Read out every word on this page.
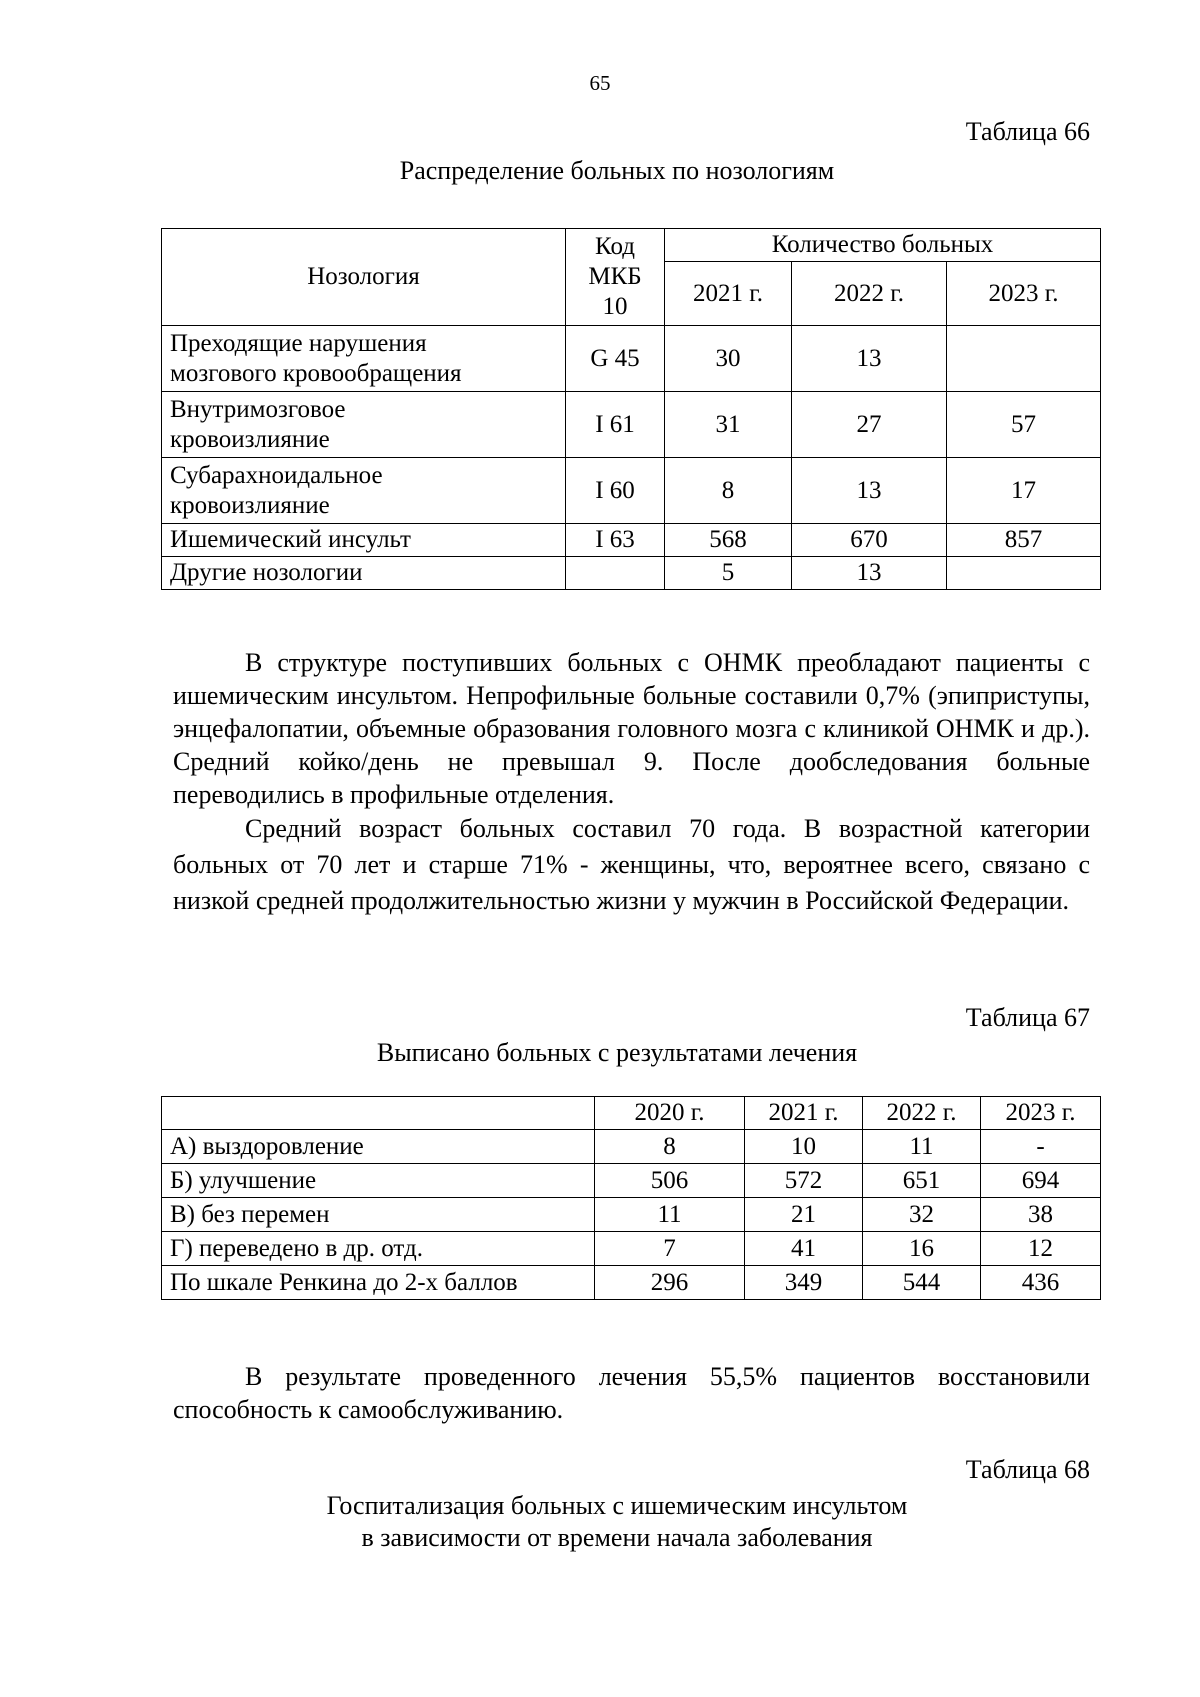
65
Таблица 66
Распределение больных по нозологиям
Нозология	Код
МКБ
10	Количество больных		
		2021 г.	2022 г.	2023 г.

Преходящие нарушения
мозгового кровообращения	G 45	30	13	

Внутримозговое
кровоизлияние	I 61	31	27	57

Субарахноидальное
кровоизлияние	I 60	8	13	17
Ишемический инсульт	I 63	568	670	857
Другие нозологии		5	13	

В структуре поступивших больных с ОНМК преобладают пациенты с ишемическим инсультом. Непрофильные больные составили 0,7% (эпиприступы, энцефалопатии, объемные образования головного мозга с клиникой ОНМК и др.). Средний койко/день не превышал 9. После дообследования больные переводились в профильные отделения.

Средний возраст больных составил 70 года. В возрастной категории больных от 70 лет и старше 71% - женщины, что, вероятнее всего, связано с низкой средней продолжительностью жизни у мужчин в Российской Федерации.

Таблица 67
Выписано больных с результатами лечения
	2020 г.	2021 г.	2022 г.	2023 г.
А) выздоровление	8	10	11	-
Б) улучшение	506	572	651	694
В) без перемен	11	21	32	38
Г) переведено в др. отд.	7	41	16	12
По шкале Ренкина до 2-х баллов	296	349	544	436

В результате проведенного лечения 55,5% пациентов восстановили способность к самообслуживанию.

Таблица 68
Госпитализация больных с ишемическим инсультом
в зависимости от времени начала заболевания
